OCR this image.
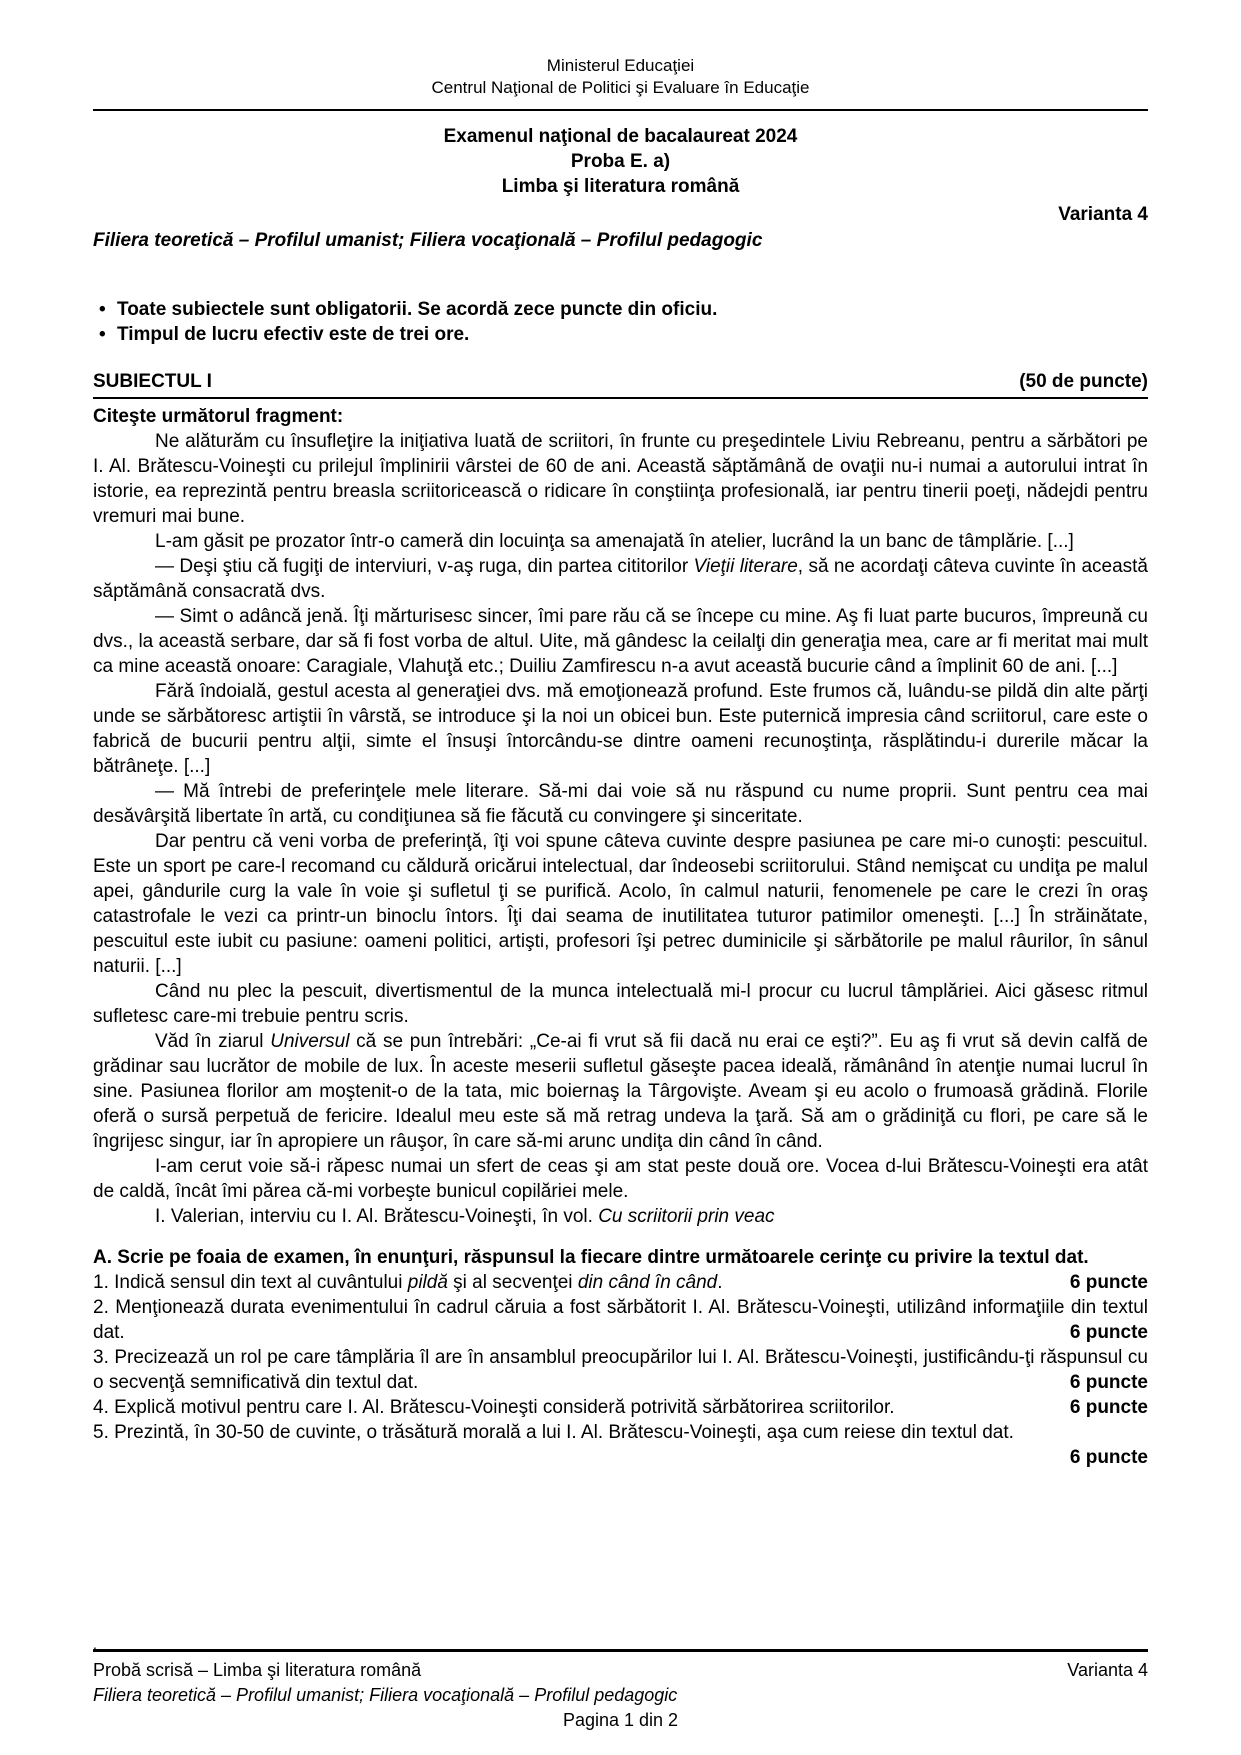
Ministerul Educaţiei
Centrul Naţional de Politici şi Evaluare în Educaţie
Examenul naţional de bacalaureat 2024
Proba E. a)
Limba şi literatura română
Varianta 4
Filiera teoretică – Profilul umanist; Filiera vocaţională – Profilul pedagogic
• Toate subiectele sunt obligatorii. Se acordă zece puncte din oficiu.
• Timpul de lucru efectiv este de trei ore.
SUBIECTUL I	(50 de puncte)
Citeşte următorul fragment:

Ne alăturăm cu însufleţire la iniţiativa luată de scriitori, în frunte cu preşedintele Liviu Rebreanu, pentru a sărbători pe I. Al. Brătescu-Voineşti cu prilejul împlinirii vârstei de 60 de ani. Această săptămână de ovaţii nu-i numai a autorului intrat în istorie, ea reprezintă pentru breasla scriitoricească o ridicare în conştiinţa profesională, iar pentru tinerii poeţi, nădejdi pentru vremuri mai bune.

L-am găsit pe prozator într-o cameră din locuinţa sa amenajată în atelier, lucrând la un banc de tâmplărie. [...]

— Deşi ştiu că fugiţi de interviuri, v-aş ruga, din partea cititorilor Vieţii literare, să ne acordaţi câteva cuvinte în această săptămână consacrată dvs.

— Simt o adâncă jenă. Îţi mărturisesc sincer, îmi pare rău că se începe cu mine. Aş fi luat parte bucuros, împreună cu dvs., la această serbare, dar să fi fost vorba de altul. Uite, mă gândesc la ceilalţi din generaţia mea, care ar fi meritat mai mult ca mine această onoare: Caragiale, Vlahuţă etc.; Duiliu Zamfirescu n-a avut această bucurie când a împlinit 60 de ani. [...]

Fără îndoială, gestul acesta al generaţiei dvs. mă emoţionează profund. Este frumos că, luându-se pildă din alte părţi unde se sărbătoresc artiştii în vârstă, se introduce şi la noi un obicei bun. Este puternică impresia când scriitorul, care este o fabrică de bucurii pentru alţii, simte el însuşi întorcându-se dintre oameni recunoştinţa, răsplătindu-i durerile măcar la bătrâneţe. [...]

— Mă întrebi de preferinţele mele literare. Să-mi dai voie să nu răspund cu nume proprii. Sunt pentru cea mai desăvârşită libertate în artă, cu condiţiunea să fie făcută cu convingere şi sinceritate.

Dar pentru că veni vorba de preferinţă, îţi voi spune câteva cuvinte despre pasiunea pe care mi-o cunoşti: pescuitul. Este un sport pe care-l recomand cu căldură oricărui intelectual, dar îndeosebi scriitorului. Stând nemişcat cu undiţa pe malul apei, gândurile curg la vale în voie şi sufletul ţi se purifică. Acolo, în calmul naturii, fenomenele pe care le crezi în oraş catastrofale le vezi ca printr-un binoclu întors. Îţi dai seama de inutilitatea tuturor patimilor omeneşti. [...] În străinătate, pescuitul este iubit cu pasiune: oameni politici, artişti, profesori îşi petrec duminicile şi sărbătorile pe malul râurilor, în sânul naturii. [...]

Când nu plec la pescuit, divertismentul de la munca intelectuală mi-l procur cu lucrul tâmplăriei. Aici găsesc ritmul sufletesc care-mi trebuie pentru scris.

Văd în ziarul Universul că se pun întrebări: „Ce-ai fi vrut să fii dacă nu erai ce eşti?”. Eu aş fi vrut să devin calfă de grădinar sau lucrător de mobile de lux. În aceste meserii sufletul găseşte pacea ideală, rămânând în atenţie numai lucrul în sine. Pasiunea florilor am moştenit-o de la tata, mic boiernaş la Târgovişte. Aveam şi eu acolo o frumoasă grădină. Florile oferă o sursă perpetuă de fericire. Idealul meu este să mă retrag undeva la ţară. Să am o grădiniţă cu flori, pe care să le îngrijesc singur, iar în apropiere un râuşor, în care să-mi arunc undiţa din când în când.

I-am cerut voie să-i răpesc numai un sfert de ceas şi am stat peste două ore. Vocea d-lui Brătescu-Voineşti era atât de caldă, încât îmi părea că-mi vorbeşte bunicul copilăriei mele.

I. Valerian, interviu cu I. Al. Brătescu-Voineşti, în vol. Cu scriitorii prin veac

A. Scrie pe foaia de examen, în enunţuri, răspunsul la fiecare dintre următoarele cerinţe cu privire la textul dat.
1. Indică sensul din text al cuvântului pildă şi al secvenţei din când în când.	6 puncte
2. Menţionează durata evenimentului în cadrul căruia a fost sărbătorit I. Al. Brătescu-Voineşti, utilizând informaţiile din textul dat.	6 puncte
3. Precizează un rol pe care tâmplăria îl are în ansamblul preocupărilor lui I. Al. Brătescu-Voineşti, justificându-ţi răspunsul cu o secvenţă semnificativă din textul dat.	6 puncte
4. Explică motivul pentru care I. Al. Brătescu-Voineşti consideră potrivită sărbătorirea scriitorilor.	6 puncte
5. Prezintă, în 30-50 de cuvinte, o trăsătură morală a lui I. Al. Brătescu-Voineşti, aşa cum reiese din textul dat.
6 puncte
.
Probă scrisă – Limba şi literatura română	Varianta 4
Filiera teoretică – Profilul umanist; Filiera vocaţională – Profilul pedagogic
Pagina 1 din 2
